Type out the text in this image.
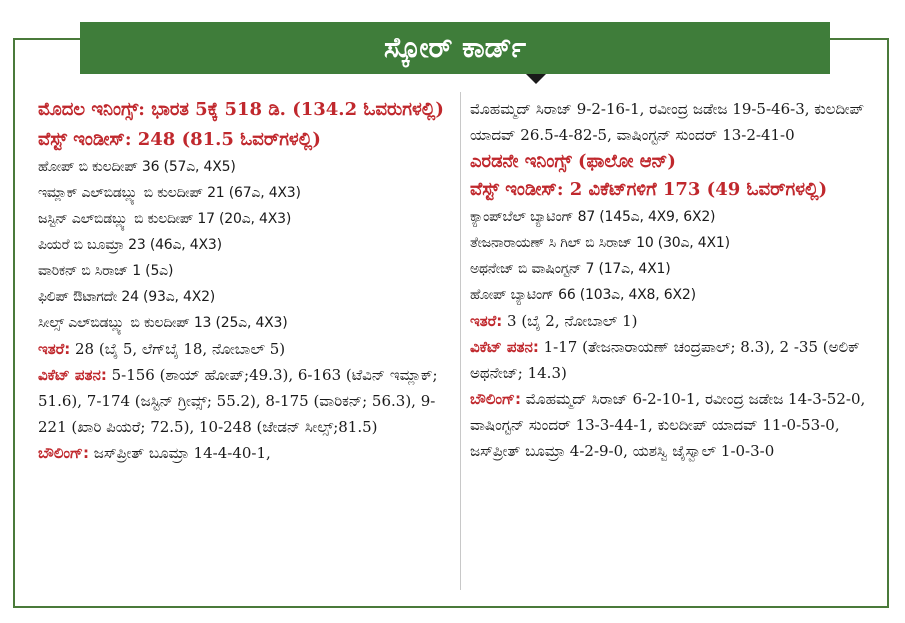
ಸ್ಕೋರ್ ಕಾರ್ಡ್

ಮೊದಲ ಇನಿಂಗ್ಸ್: ಭಾರತ 5ಕ್ಕೆ 518 ಡಿ. (134.2 ಓವರುಗಳಲ್ಲಿ)

ವೆಸ್ಟ್ ಇಂಡೀಸ್: 248 (81.5 ಓವರ್‌ಗಳಲ್ಲಿ)

ಹೋಪ್ ಬಿ ಕುಲದೀಪ್ 36 (57ಎ, 4X5)

ಇಮ್ಲಾಕ್ ಎಲ್‌ಬಿಡಬ್ಲ್ಯು ಬಿ ಕುಲದೀಪ್ 21 (67ಎ, 4X3)

ಜಸ್ಟಿನ್ ಎಲ್‌ಬಿಡಬ್ಲ್ಯು ಬಿ ಕುಲದೀಪ್ 17 (20ಎ, 4X3)

ಪಿಯರೆ ಬಿ ಬೂಮ್ರಾ 23 (46ಎ, 4X3)

ವಾರಿಕನ್ ಬಿ ಸಿರಾಜ್ 1 (5ಎ)

ಫಿಲಿಪ್ ಔಟಾಗದೇ 24 (93ಎ, 4X2)

ಸೀಲ್ಸ್ ಎಲ್‌ಬಿಡಬ್ಲ್ಯು ಬಿ ಕುಲದೀಪ್ 13 (25ಎ, 4X3)

ಇತರೆ: 28 (ಬೈ 5, ಲೆಗ್‌ಬೈ 18, ನೋಬಾಲ್ 5)

ವಿಕೆಟ್ ಪತನ: 5-156 (ಶಾಯ್ ಹೋಪ್;49.3), 6-163 (ಟೆವಿನ್ ಇಮ್ಲಾಕ್; 51.6), 7-174 (ಜಸ್ಟಿನ್ ಗ್ರೀವ್ಸ್; 55.2), 8-175 (ವಾರಿಕನ್; 56.3), 9-221 (ಖಾರಿ ಪಿಯರೆ; 72.5), 10-248 (ಜೇಡನ್ ಸೀಲ್ಸ್;81.5)

ಬೌಲಿಂಗ್: ಜಸ್‌ಪ್ರೀತ್ ಬೂಮ್ರಾ 14-4-40-1,

ಮೊಹಮ್ಮದ್ ಸಿರಾಜ್ 9-2-16-1, ರವೀಂದ್ರ ಜಡೇಜ 19-5-46-3, ಕುಲದೀಪ್ ಯಾದವ್ 26.5-4-82-5, ವಾಷಿಂಗ್ಟನ್ ಸುಂದರ್ 13-2-41-0

ಎರಡನೇ ಇನಿಂಗ್ಸ್ (ಫಾಲೋ ಆನ್)

ವೆಸ್ಟ್ ಇಂಡೀಸ್: 2 ವಿಕೆಟ್‌ಗಳಿಗೆ 173 (49 ಓವರ್‌ಗಳಲ್ಲಿ)

ಕ್ಯಾಂಪ್‌ಬೆಲ್ ಬ್ಯಾಟಿಂಗ್ 87 (145ಎ, 4X9, 6X2)

ತೇಜನಾರಾಯಣ್ ಸಿ ಗಿಲ್ ಬಿ ಸಿರಾಜ್ 10 (30ಎ, 4X1)

ಅಥನೇಜ್ ಬಿ ವಾಷಿಂಗ್ಟನ್ 7 (17ಎ, 4X1)

ಹೋಪ್ ಬ್ಯಾಟಿಂಗ್ 66 (103ಎ, 4X8, 6X2)

ಇತರೆ: 3 (ಬೈ 2, ನೋಬಾಲ್ 1)

ವಿಕೆಟ್ ಪತನ: 1-17 (ತೇಜನಾರಾಯಣ್ ಚಂದ್ರಪಾಲ್; 8.3), 2 -35 (ಅಲಿಕ್ ಅಥನೇಜ್; 14.3)

ಬೌಲಿಂಗ್: ಮೊಹಮ್ಮದ್ ಸಿರಾಜ್ 6-2-10-1, ರವೀಂದ್ರ ಜಡೇಜ 14-3-52-0, ವಾಷಿಂಗ್ಟನ್ ಸುಂದರ್ 13-3-44-1, ಕುಲದೀಪ್ ಯಾದವ್ 11-0-53-0, ಜಸ್‌ಪ್ರೀತ್ ಬೂಮ್ರಾ 4-2-9-0, ಯಶಸ್ವಿ ಜೈಸ್ವಾಲ್ 1-0-3-0
